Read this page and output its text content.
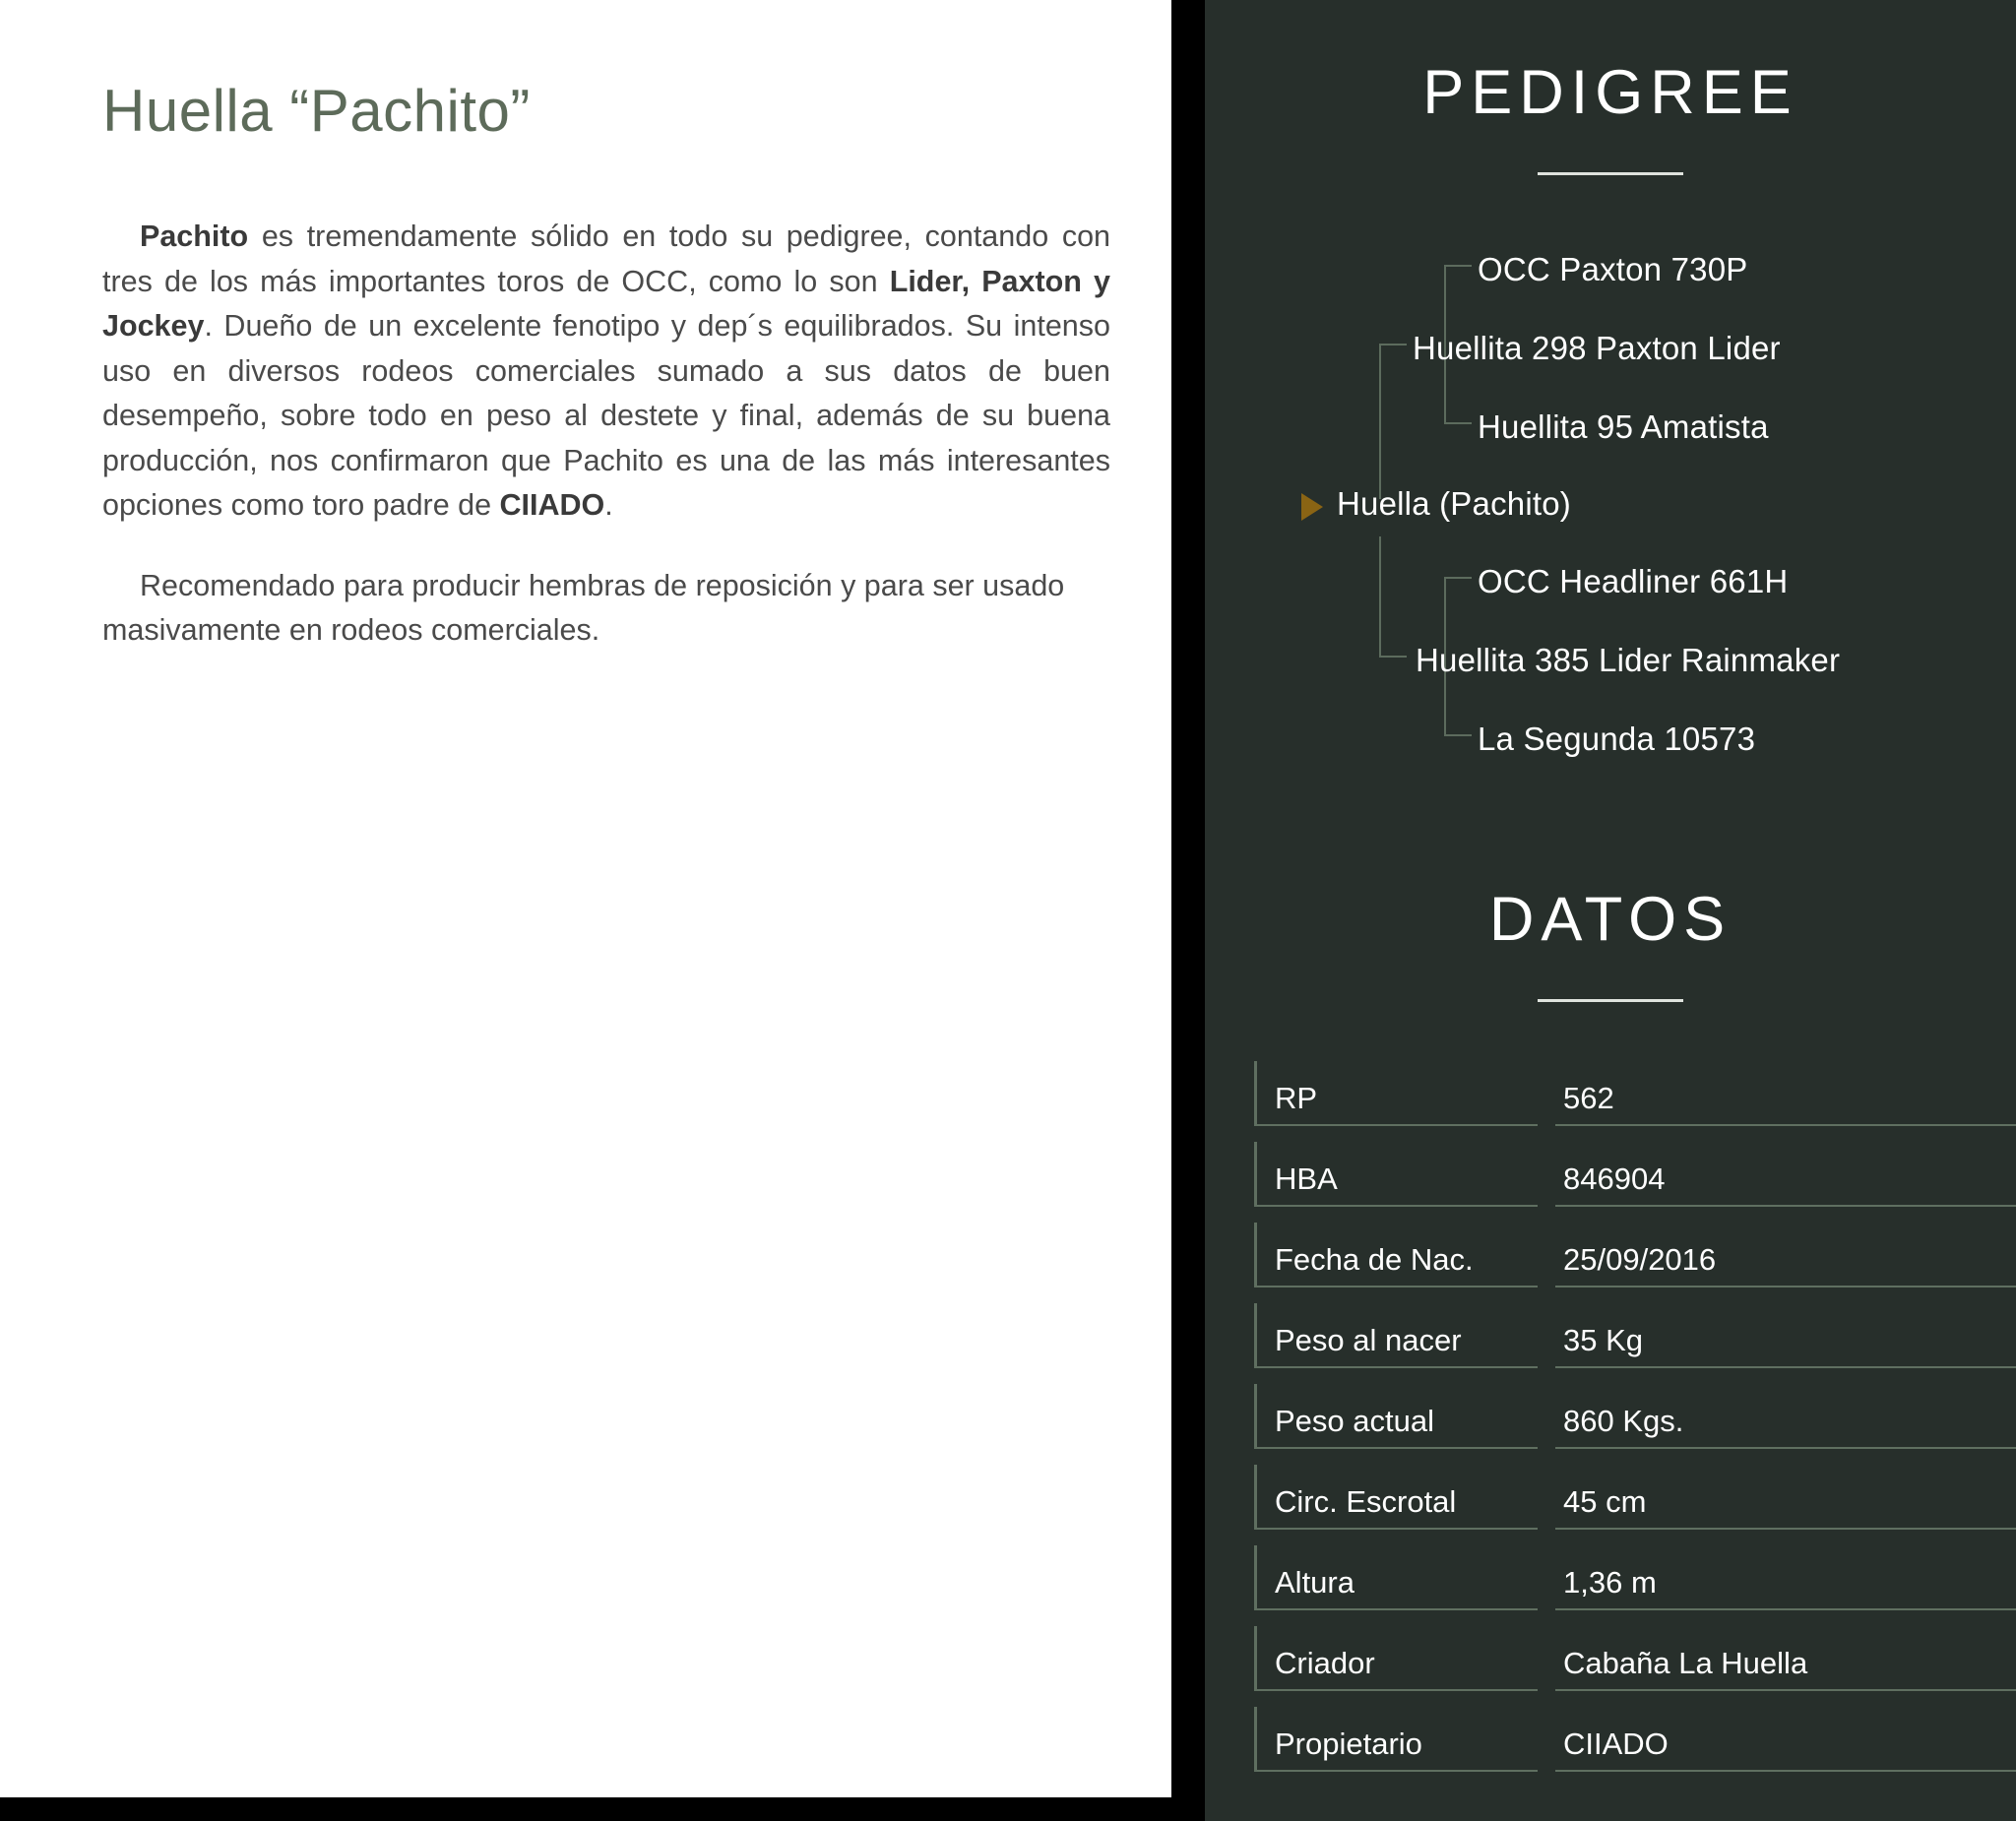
Huella “Pachito”

Pachito es tremendamente sólido en todo su pedigree, contando con tres de los más importantes toros de OCC, como lo son Lider, Paxton y Jockey. Dueño de un excelente fenotipo y dep´s equilibrados. Su intenso uso en diversos rodeos comerciales sumado a sus datos de buen desempeño, sobre todo en peso al destete y final, además de su buena producción, nos confirmaron que Pachito es una de las más interesantes opciones como toro padre de CIIADO.

Recomendado para producir hembras de reposición y para ser usado masivamente en rodeos comerciales.

PEDIGREE
OCC Paxton 730P
Huellita 298 Paxton Lider
Huellita 95 Amatista
Huella (Pachito)
OCC Headliner 661H
Huellita 385 Lider Rainmaker
La Segunda 10573
DATOS
RP	562
HBA	846904
Fecha de Nac.	25/09/2016
Peso al nacer	35 Kg
Peso actual	860 Kgs.
Circ. Escrotal	45 cm
Altura	1,36 m
Criador	Cabaña La Huella
Propietario	CIIADO
